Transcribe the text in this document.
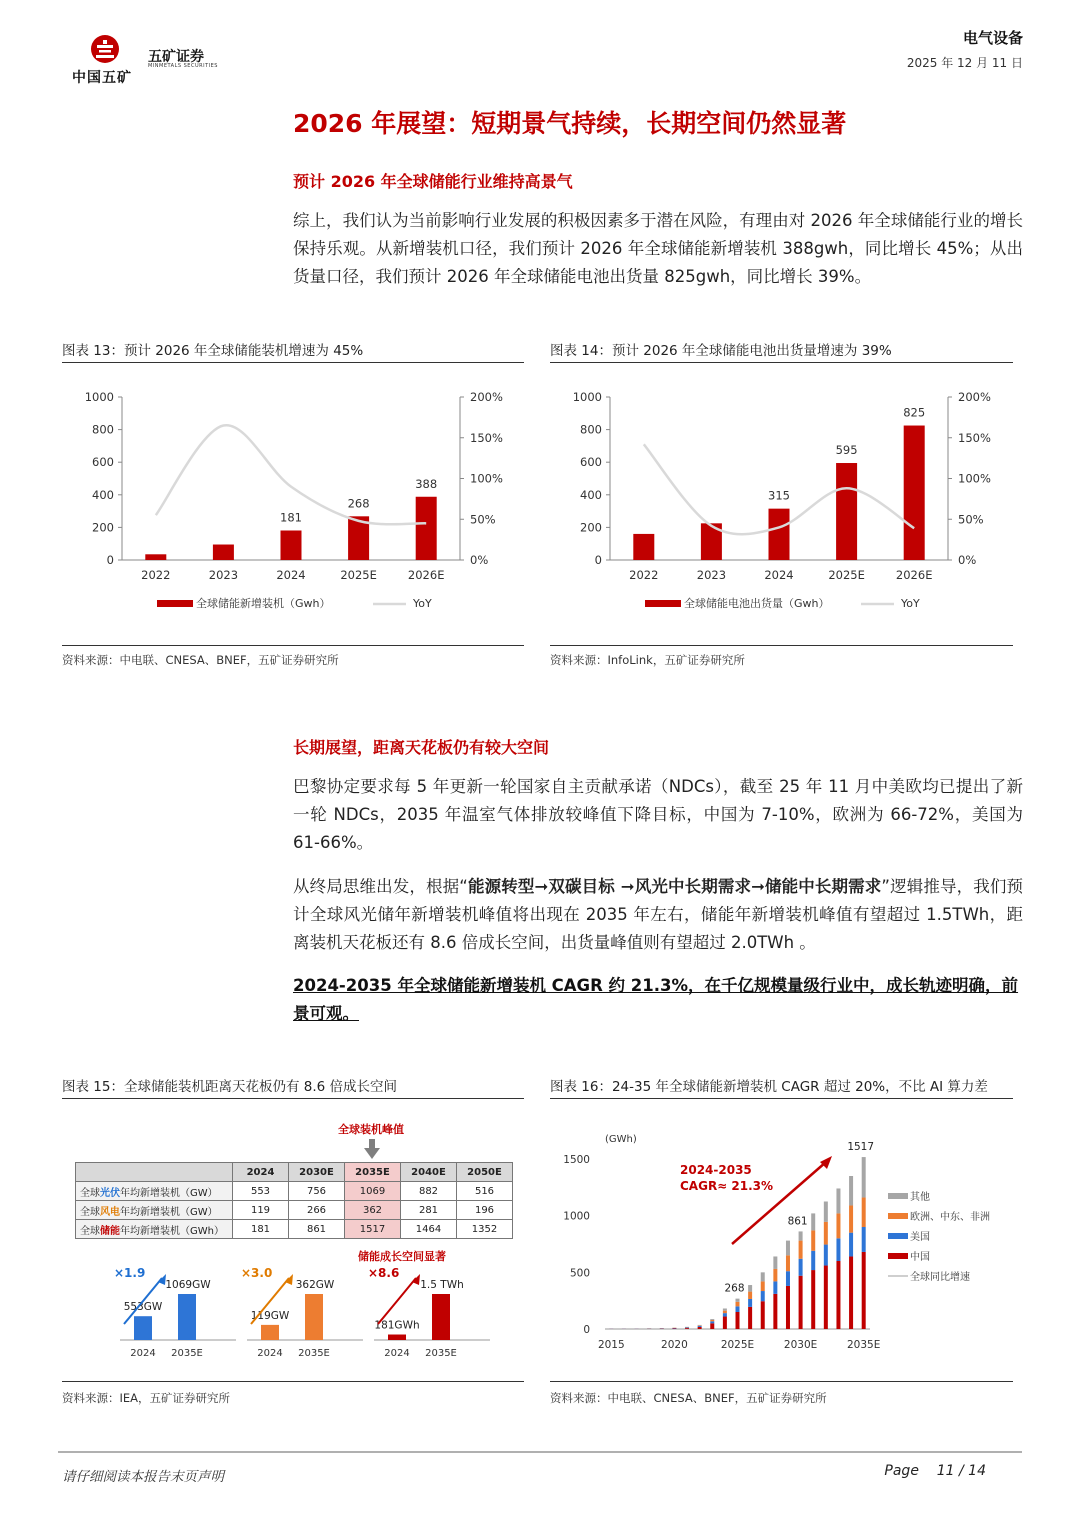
中国五矿
五矿证券
MINMETALS SECURITIES
电气设备
2025 年 12 月 11 日
2026 年展望：短期景气持续，长期空间仍然显著
预计 2026 年全球储能行业维持高景气
综上，我们认为当前影响行业发展的积极因素多于潜在风险，有理由对 2026 年全球储能行业的增长保持乐观。从新增装机口径，我们预计 2026 年全球储能新增装机 388gwh，同比增长 45%；从出货量口径，我们预计 2026 年全球储能电池出货量 825gwh，同比增长 39%。
图表 13：预计 2026 年全球储能装机增速为 45%
0
200
400
600
800
1000
0%
50%
100%
150%
200%
2022	2023
181
2024
268
2025E
388
2026E
全球储能新增装机（Gwh）	YoY
资料来源：中电联、CNESA、BNEF，五矿证券研究所
图表 14：预计 2026 年全球储能电池出货量增速为 39%
0
200
400
600
800
1000
0%
50%
100%
150%
200%
2022	2023
315
2024
595
2025E
825
2026E
全球储能电池出货量（Gwh）	YoY
资料来源：InfoLink，五矿证券研究所
长期展望，距离天花板仍有较大空间
巴黎协定要求每 5 年更新一轮国家自主贡献承诺（NDCs），截至 25 年 11 月中美欧均已提出了新一轮 NDCs，2035 年温室气体排放较峰值下降目标，中国为 7-10%，欧洲为 66-72%，美国为 61-66%。
从终局思维出发，根据“能源转型➞双碳目标 ➞风光中长期需求➞储能中长期需求”逻辑推导，我们预计全球风光储年新增装机峰值将出现在 2035 年左右，储能年新增装机峰值有望超过 1.5TWh，距离装机天花板还有 8.6 倍成长空间，出货量峰值则有望超过 2.0TWh 。
2024-2035 年全球储能新增装机 CAGR 约 21.3%，在千亿规模量级行业中，成长轨迹明确，前景可观。
图表 15：全球储能装机距离天花板仍有 8.6 倍成长空间
全球装机峰值
	2024	2030E	2035E	2040E	2050E
全球光伏年均新增装机（GW）	553	756	1069	882	516
全球风电年均新增装机（GW）	119	266	362	281	196
全球储能年均新增装机（GWh）	181	861	1517	1464	1352
储能成长空间显著
553GW
1069GW
2024 2035E
×1.9
119GW
362GW
2024 2035E
×3.0
181GWh
1.5 TWh
2024 2035E
×8.6
资料来源：IEA，五矿证券研究所
图表 16：24-35 年全球储能新增装机 CAGR 超过 20%，不比 AI 算力差
(GWh)
0
500
1000
1500
2015	2020
268
2025E
861
2030E
1517
2035E
2024-2035
CAGR≈ 21.3%
其他
欧洲、中东、非洲
美国
中国
全球同比增速
资料来源：中电联、CNESA、BNEF，五矿证券研究所
请仔细阅读本报告末页声明	Page 11 / 14
